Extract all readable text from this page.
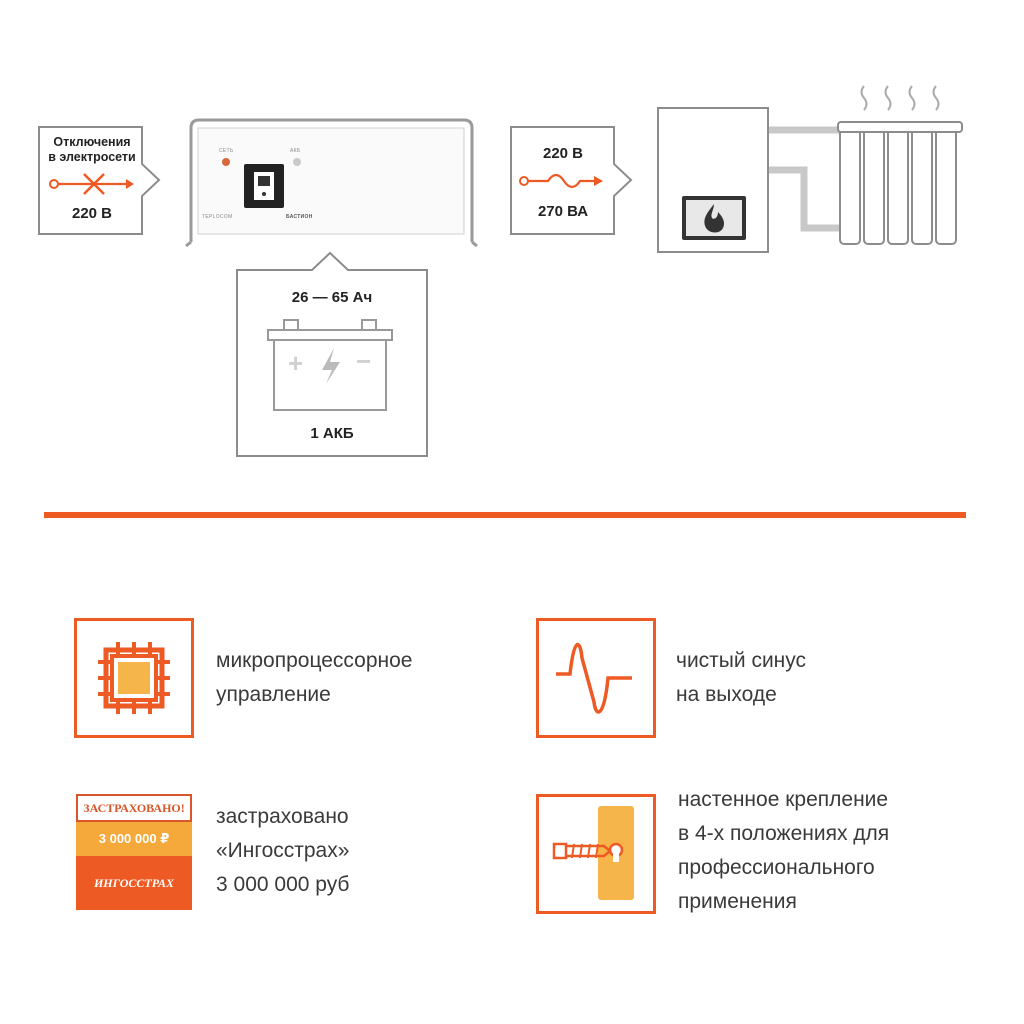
Отключения
в электросети
220 В
СЕТЬ	АКБ
TEPLOCOM	БАСТИОН
26 — 65 Ач
+ −
1 АКБ
220 В
270 ВА
микропроцессорное
управление
чистый синус
на выходе
ЗАСТРАХОВАНО!
3 000 000 ₽
ИНГОССТРАХ
застраховано
«Ингосстрах»
3 000 000 руб
настенное крепление
в 4-х положениях для
профессионального
применения
